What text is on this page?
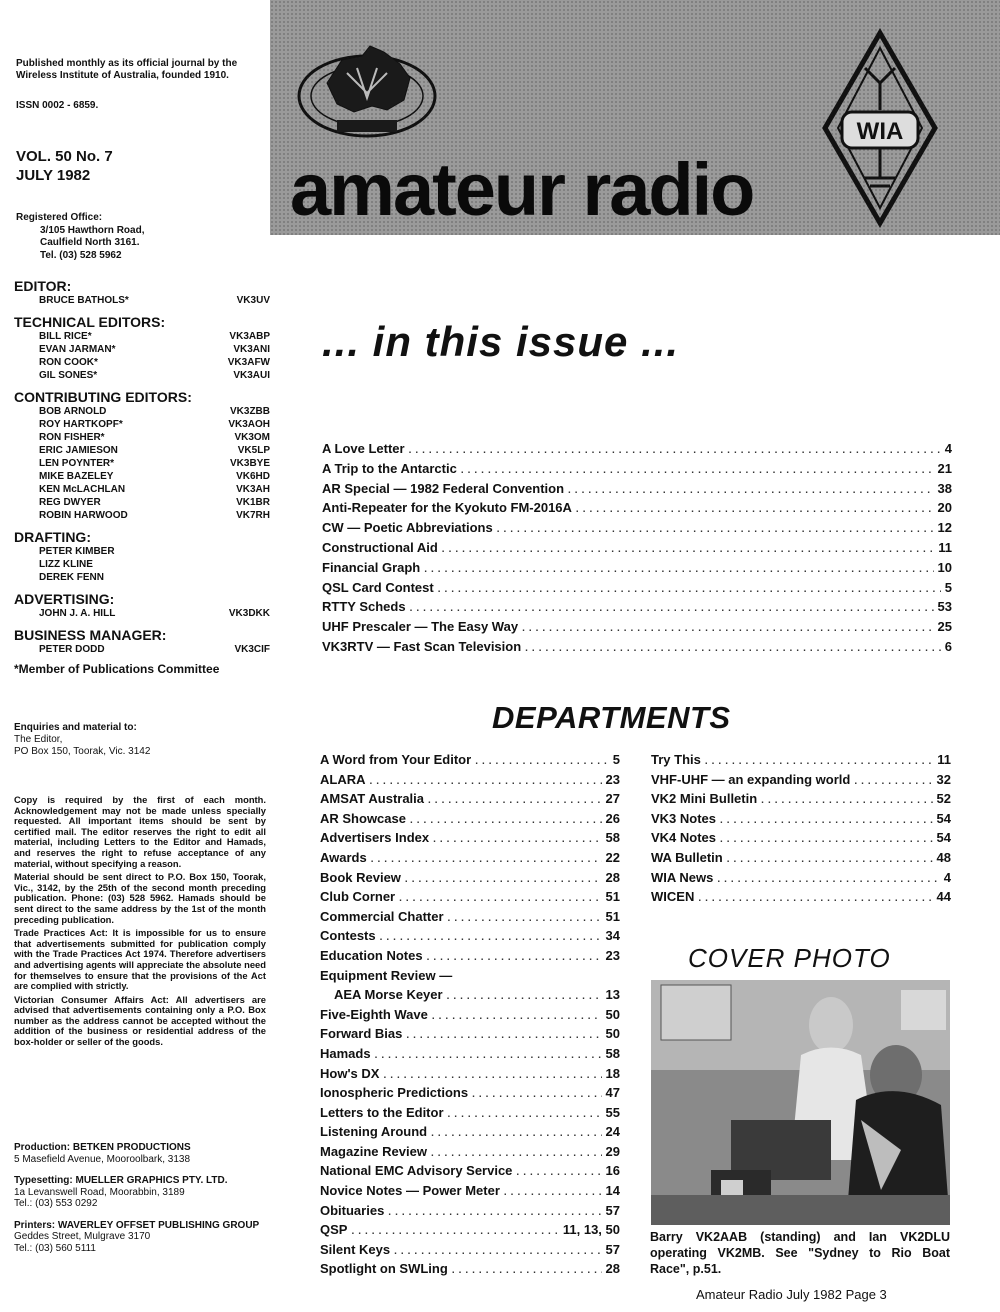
Published monthly as its official journal by the Wireless Institute of Australia, founded 1910.
ISSN 0002 - 6859.
VOL. 50 No. 7
JULY 1982
Registered Office:
3/105 Hawthorn Road,
Caulfield North 3161.
Tel. (03) 528 5962
EDITOR:
BRUCE BATHOLS*	VK3UV
TECHNICAL EDITORS:
BILL RICE*	VK3ABP
EVAN JARMAN*	VK3ANI
RON COOK*	VK3AFW
GIL SONES*	VK3AUI
CONTRIBUTING EDITORS:
BOB ARNOLD	VK3ZBB
ROY HARTKOPF*	VK3AOH
RON FISHER*	VK3OM
ERIC JAMIESON	VK5LP
LEN POYNTER*	VK3BYE
MIKE BAZELEY	VK6HD
KEN McLACHLAN	VK3AH
REG DWYER	VK1BR
ROBIN HARWOOD	VK7RH
DRAFTING:
PETER KIMBER
LIZZ KLINE
DEREK FENN
ADVERTISING:
JOHN J. A. HILL	VK3DKK
BUSINESS MANAGER:
PETER DODD	VK3CIF
*Member of Publications Committee
Enquiries and material to:
The Editor,
PO Box 150, Toorak, Vic. 3142

Copy is required by the first of each month. Acknowledgement may not be made unless specially requested. All important items should be sent by certified mail. The editor reserves the right to edit all material, including Letters to the Editor and Hamads, and reserves the right to refuse acceptance of any material, without specifying a reason.

Material should be sent direct to P.O. Box 150, Toorak, Vic., 3142, by the 25th of the second month preceding publication. Phone: (03) 528 5962. Hamads should be sent direct to the same address by the 1st of the month preceding publication.

Trade Practices Act: It is impossible for us to ensure that advertisements submitted for publication comply with the Trade Practices Act 1974. Therefore advertisers and advertising agents will appreciate the absolute need for themselves to ensure that the provisions of the Act are complied with strictly.

Victorian Consumer Affairs Act: All advertisers are advised that advertisements containing only a P.O. Box number as the address cannot be accepted without the addition of the business or residential address of the box-holder or seller of the goods.

Production: BETKEN PRODUCTIONS
5 Masefield Avenue, Mooroolbark, 3138
Typesetting: MUELLER GRAPHICS PTY. LTD.
1a Levanswell Road, Moorabbin, 3189
Tel.: (03) 553 0292
Printers: WAVERLEY OFFSET PUBLISHING GROUP
Geddes Street, Mulgrave 3170
Tel.: (03) 560 5111
amateur radio
WIA
... in this issue ...
A Love Letter .....	4
A Trip to the Antarctic .....	21
AR Special — 1982 Federal Convention .....	38
Anti-Repeater for the Kyokuto FM-2016A .....	20
CW — Poetic Abbreviations .....	12
Constructional Aid .....	11
Financial Graph .....	10
QSL Card Contest .....	5
RTTY Scheds .....	53
UHF Prescaler — The Easy Way .....	25
VK3RTV — Fast Scan Television .....	6
DEPARTMENTS
A Word from Your Editor .....	5
ALARA .....	23
AMSAT Australia .....	27
AR Showcase .....	26
Advertisers Index .....	58
Awards .....	22
Book Review .....	28
Club Corner .....	51
Commercial Chatter .....	51
Contests .....	34
Education Notes .....	23
Equipment Review —
AEA Morse Keyer .....	13
Five-Eighth Wave .....	50
Forward Bias .....	50
Hamads .....	58
How's DX .....	18
Ionospheric Predictions .....	47
Letters to the Editor .....	55
Listening Around .....	24
Magazine Review .....	29
National EMC Advisory Service .....	16
Novice Notes — Power Meter .....	14
Obituaries .....	57
QSP .....	11, 13, 50
Silent Keys .....	57
Spotlight on SWLing .....	28
Try This .....	11
VHF-UHF — an expanding world .....	32
VK2 Mini Bulletin .....	52
VK3 Notes .....	54
VK4 Notes .....	54
WA Bulletin .....	48
WIA News .....	4
WICEN .....	44
COVER PHOTO
Barry VK2AAB (standing) and Ian VK2DLU operating VK2MB. See "Sydney to Rio Boat Race", p.51.
Amateur Radio July 1982 Page 3
